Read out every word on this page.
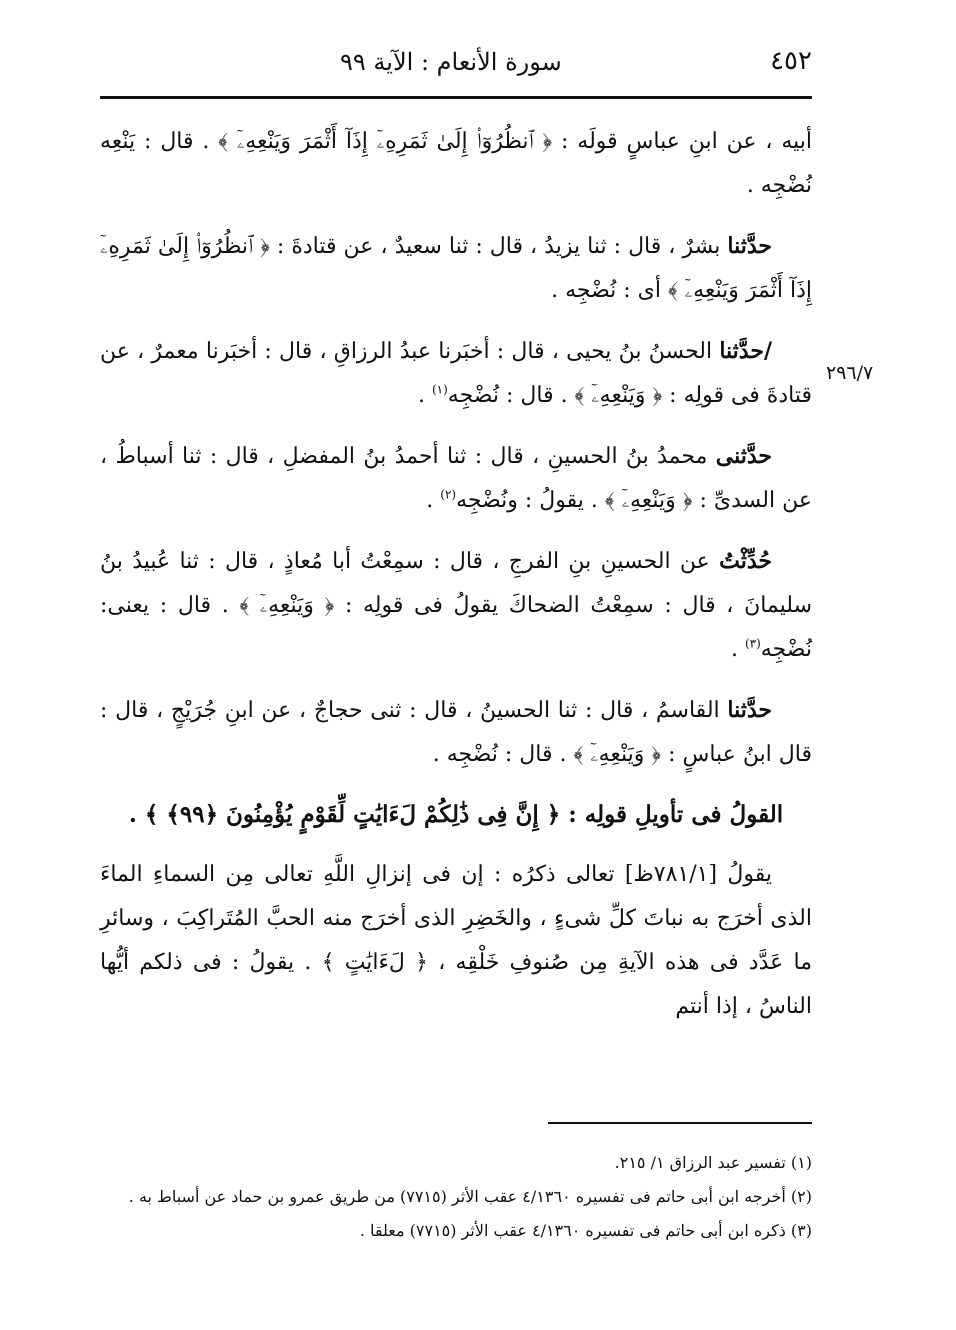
٤٥٢
سورة الأنعام : الآية ٩٩
٢٩٦/٧

أبيه ، عن ابنِ عباسٍ قولَه : ﴿ ٱنظُرُوٓا۟ إِلَىٰ ثَمَرِهِۦٓ إِذَآ أَثْمَرَ وَيَنْعِهِۦٓ ﴾ . قال : يَنْعِه نُضْجِه .

حدَّثنا بشرٌ ، قال : ثنا يزيدُ ، قال : ثنا سعيدٌ ، عن قتادةَ : ﴿ ٱنظُرُوٓا۟ إِلَىٰ ثَمَرِهِۦٓ إِذَآ أَثْمَرَ وَيَنْعِهِۦٓ ﴾ أى : نُضْجِه .

/حدَّثنا الحسنُ بنُ يحيى ، قال : أخبَرنا عبدُ الرزاقِ ، قال : أخبَرنا معمرٌ ، عن قتادةَ فى قولِه : ﴿ وَيَنْعِهِۦٓ ﴾ . قال : نُضْجِه$^{(١)}$ .

حدَّثنى محمدُ بنُ الحسينِ ، قال : ثنا أحمدُ بنُ المفضلِ ، قال : ثنا أسباطُ ، عن السدىِّ : ﴿ وَيَنْعِهِۦٓ ﴾ . يقولُ : ونُضْجِه$^{(٢)}$ .

حُدِّثْتُ عن الحسينِ بنِ الفرجِ ، قال : سمِعْتُ أبا مُعاذٍ ، قال : ثنا عُبيدُ بنُ سليمانَ ، قال : سمِعْتُ الضحاكَ يقولُ فى قولِه : ﴿ وَيَنْعِهِۦٓ ﴾ . قال : يعنى: نُضْجِه$^{(٣)}$ .

حدَّثنا القاسمُ ، قال : ثنا الحسينُ ، قال : ثنى حجاجٌ ، عن ابنِ جُرَيْجٍ ، قال : قال ابنُ عباسٍ : ﴿ وَيَنْعِهِۦٓ ﴾ . قال : نُضْجِه .

القولُ فى تأويلِ قولِه : ﴿ إِنَّ فِى ذَٰلِكُمْ لَءَايَٰتٍ لِّقَوْمٍ يُؤْمِنُونَ ﴿٩٩﴾ ﴾ .

يقولُ [٧٨١/١ظ] تعالى ذكرُه : إن فى إنزالِ اللَّهِ تعالى مِن السماءِ الماءَ الذى أخرَج به نباتَ كلِّ شىءٍ ، والخَضِرِ الذى أخرَج منه الحبَّ المُتَراكِبَ ، وسائرِ ما عَدَّد فى هذه الآيةِ مِن صُنوفِ خَلْقِه ، ﴿ لَءَايَٰتٍ ﴾ . يقولُ : فى ذلكم أيُّها الناسُ ، إذا أنتم

(١) تفسير عبد الرزاق ١/ ٢١٥.

(٢) أخرجه ابن أبى حاتم فى تفسيره ٤/١٣٦٠ عقب الأثر (٧٧١٥) من طريق عمرو بن حماد عن أسباط به .

(٣) ذكره ابن أبى حاتم فى تفسيره ٤/١٣٦٠ عقب الأثر (٧٧١٥) معلقا .
